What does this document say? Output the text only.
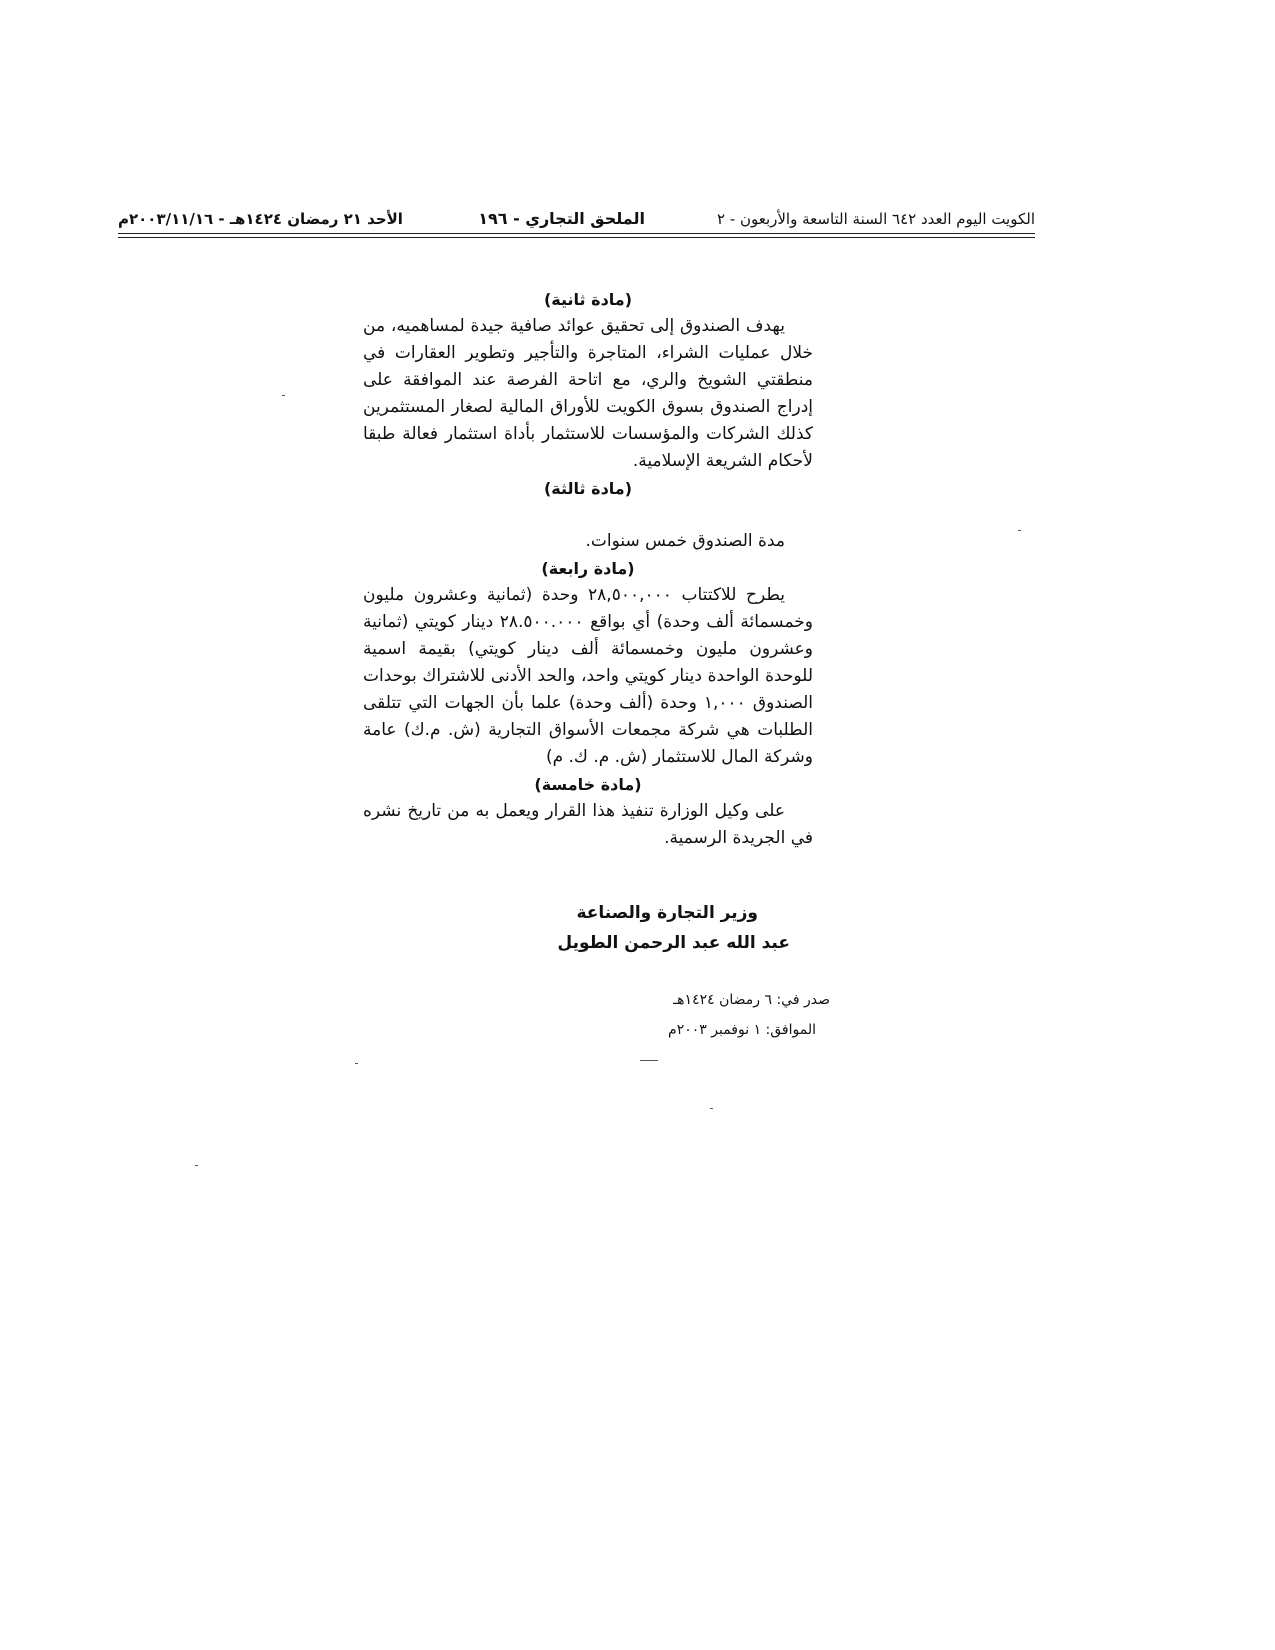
الكويت اليوم العدد ٦٤٢ السنة التاسعة والأربعون - ٢
الملحق التجاري - ١٩٦
الأحد ٢١ رمضان ١٤٢٤هـ - ٢٠٠٣/١١/١٦م

(مادة ثانية)

يهدف الصندوق إلى تحقيق عوائد صافية جيدة لمساهميه، من خلال عمليات الشراء، المتاجرة والتأجير وتطوير العقارات في منطقتي الشويخ والري، مع اتاحة الفرصة عند الموافقة على إدراج الصندوق بسوق الكويت للأوراق المالية لصغار المستثمرين كذلك الشركات والمؤسسات للاستثمار بأداة استثمار فعالة طبقا لأحكام الشريعة الإسلامية.

(مادة ثالثة)

مدة الصندوق خمس سنوات.

(مادة رابعة)

يطرح للاكتتاب ٢٨,٥٠٠,٠٠٠ وحدة (ثمانية وعشرون مليون وخمسمائة ألف وحدة) أي بواقع ٢٨.٥٠٠.٠٠٠ دينار كويتي (ثمانية وعشرون مليون وخمسمائة ألف دينار كويتي) بقيمة اسمية للوحدة الواحدة دينار كويتي واحد، والحد الأدنى للاشتراك بوحدات الصندوق ١,٠٠٠ وحدة (ألف وحدة) علما بأن الجهات التي تتلقى الطلبات هي شركة مجمعات الأسواق التجارية (ش. م.ك) عامة وشركة المال للاستثمار (ش. م. ك. م)

(مادة خامسة)

على وكيل الوزارة تنفيذ هذا القرار ويعمل به من تاريخ نشره في الجريدة الرسمية.

وزير التجارة والصناعة
عبد الله عبد الرحمن الطويل
صدر في: ٦ رمضان ١٤٢٤هـ
الموافق: ١ نوفمبر ٢٠٠٣م
